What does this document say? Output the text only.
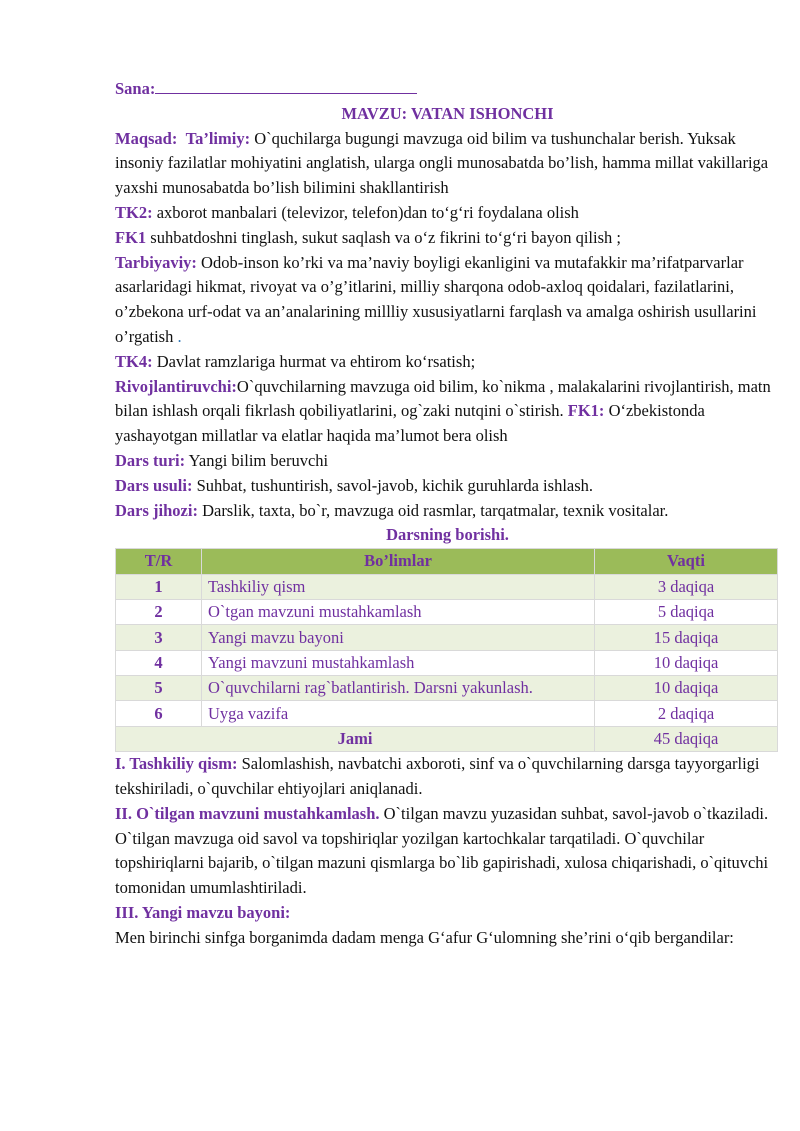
Sana:

MAVZU: VATAN ISHONCHI

Maqsad: Ta’limiy: O`quchilarga bugungi mavzuga oid bilim va tushunchalar berish. Yuksak insoniy fazilatlar mohiyatini anglatish, ularga ongli munosabatda bo’lish, hamma millat vakillariga yaxshi munosabatda bo’lish bilimini shakllantirish

TK2: axborot manbalari (televizor, telefon)dan to‘g‘ri foydalana olish

FK1 suhbatdoshni tinglash, sukut saqlash va o‘z fikrini to‘g‘ri bayon qilish ;

Tarbiyaviy: Odob-inson ko’rki va ma’naviy boyligi ekanligini va mutafakkir ma’rifatparvarlar asarlaridagi hikmat, rivoyat va o’g’itlarini, milliy sharqona odob-axloq qoidalari, fazilatlarini, o’zbekona urf-odat va an’analarining millliy xususiyatlarni farqlash va amalga oshirish usullarini o’rgatish .

TK4: Davlat ramzlariga hurmat va ehtirom ko‘rsatish;

Rivojlantiruvchi:O`quvchilarning mavzuga oid bilim, ko`nikma , malakalarini rivojlantirish, matn bilan ishlash orqali fikrlash qobiliyatlarini, og`zaki nutqini o`stirish. FK1: O‘zbekistonda yashayotgan millatlar va elatlar haqida ma’lumot bera olish

Dars turi: Yangi bilim beruvchi

Dars usuli: Suhbat, tushuntirish, savol-javob, kichik guruhlarda ishlash.

Dars jihozi: Darslik, taxta, bo`r, mavzuga oid rasmlar, tarqatmalar, texnik vositalar.

Darsning borishi.

T/R	Bo’limlar	Vaqti
1	Tashkiliy qism	3 daqiqa
2	O`tgan mavzuni mustahkamlash	5 daqiqa
3	Yangi mavzu bayoni	15 daqiqa
4	Yangi mavzuni mustahkamlash	10 daqiqa
5	O`quvchilarni rag`batlantirish. Darsni yakunlash.	10 daqiqa
6	Uyga vazifa	2 daqiqa
Jami		45 daqiqa

I. Tashkiliy qism: Salomlashish, navbatchi axboroti, sinf va o`quvchilarning darsga tayyorgarligi tekshiriladi, o`quvchilar ehtiyojlari aniqlanadi.

II. O`tilgan mavzuni mustahkamlash. O`tilgan mavzu yuzasidan suhbat, savol-javob o`tkaziladi. O`tilgan mavzuga oid savol va topshiriqlar yozilgan kartochkalar tarqatiladi. O`quvchilar topshiriqlarni bajarib, o`tilgan mazuni qismlarga bo`lib gapirishadi, xulosa chiqarishadi, o`qituvchi tomonidan umumlashtiriladi.

III. Yangi mavzu bayoni:

Men birinchi sinfga borganimda dadam menga G‘afur G‘ulomning she’rini o‘qib bergandilar:
